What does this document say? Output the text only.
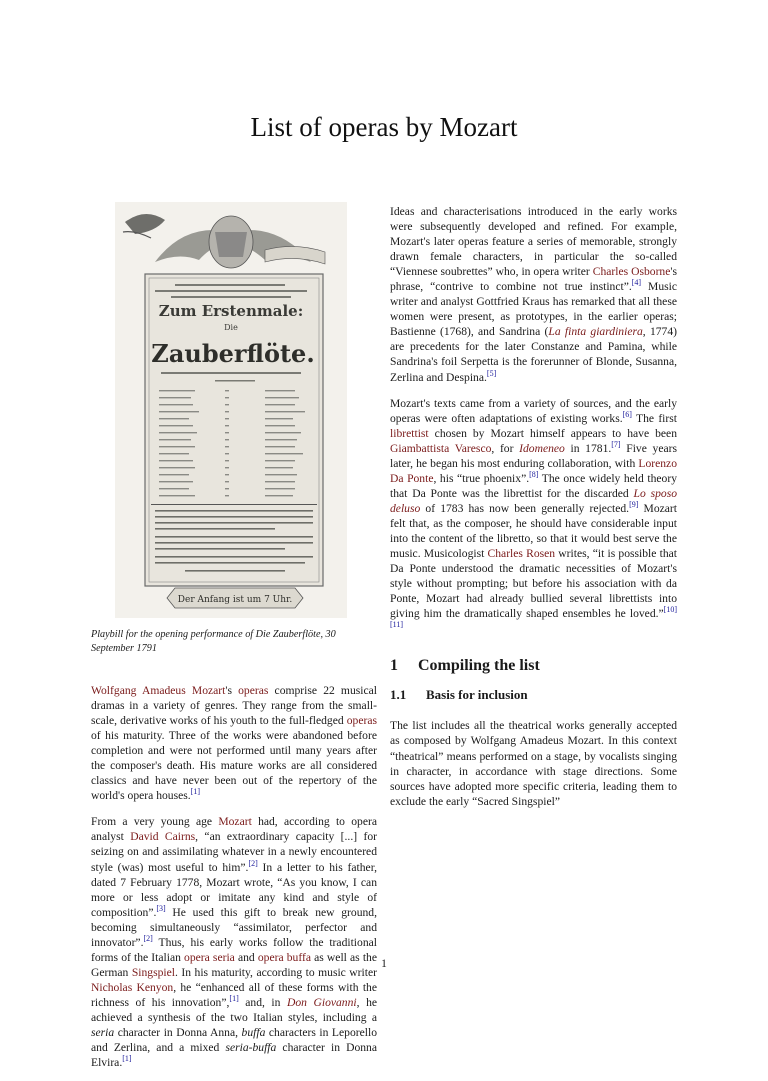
List of operas by Mozart
Zum Erstenmale:
Die
Zauberflöte.
Der Anfang ist um 7 Uhr.
Playbill for the opening performance of Die Zauberflöte, 30 September 1791

Wolfgang Amadeus Mozart's operas comprise 22 musical dramas in a variety of genres. They range from the small-scale, derivative works of his youth to the full-fledged operas of his maturity. Three of the works were abandoned before completion and were not performed until many years after the composer's death. His mature works are all considered classics and have never been out of the repertory of the world's opera houses.[1]

From a very young age Mozart had, according to opera analyst David Cairns, “an extraordinary capacity [...] for seizing on and assimilating whatever in a newly encountered style (was) most useful to him”.[2] In a letter to his father, dated 7 February 1778, Mozart wrote, “As you know, I can more or less adopt or imitate any kind and style of composition”.[3] He used this gift to break new ground, becoming simultaneously “assimilator, perfector and innovator”.[2] Thus, his early works follow the traditional forms of the Italian opera seria and opera buffa as well as the German Singspiel. In his maturity, according to music writer Nicholas Kenyon, he “enhanced all of these forms with the richness of his innovation”,[1] and, in Don Giovanni, he achieved a synthesis of the two Italian styles, including a seria character in Donna Anna, buffa characters in Leporello and Zerlina, and a mixed seria-buffa character in Donna Elvira.[1]

Ideas and characterisations introduced in the early works were subsequently developed and refined. For example, Mozart's later operas feature a series of memorable, strongly drawn female characters, in particular the so-called “Viennese soubrettes” who, in opera writer Charles Osborne's phrase, “contrive to combine not true instinct”.[4] Music writer and analyst Gottfried Kraus has remarked that all these women were present, as prototypes, in the earlier operas; Bastienne (1768), and Sandrina (La finta giardiniera, 1774) are precedents for the later Constanze and Pamina, while Sandrina's foil Serpetta is the forerunner of Blonde, Susanna, Zerlina and Despina.[5]

Mozart's texts came from a variety of sources, and the early operas were often adaptations of existing works.[6] The first librettist chosen by Mozart himself appears to have been Giambattista Varesco, for Idomeneo in 1781.[7] Five years later, he began his most enduring collaboration, with Lorenzo Da Ponte, his “true phoenix”.[8] The once widely held theory that Da Ponte was the librettist for the discarded Lo sposo deluso of 1783 has now been generally rejected.[9] Mozart felt that, as the composer, he should have considerable input into the content of the libretto, so that it would best serve the music. Musicologist Charles Rosen writes, “it is possible that Da Ponte understood the dramatic necessities of Mozart's style without prompting; but before his association with da Ponte, Mozart had already bullied several librettists into giving him the dramatically shaped ensembles he loved.”[10][11]

1 Compiling the list
1.1 Basis for inclusion

The list includes all the theatrical works generally accepted as composed by Wolfgang Amadeus Mozart. In this context “theatrical” means performed on a stage, by vocalists singing in character, in accordance with stage directions. Some sources have adopted more specific criteria, leading them to exclude the early “Sacred Singspiel”

1
